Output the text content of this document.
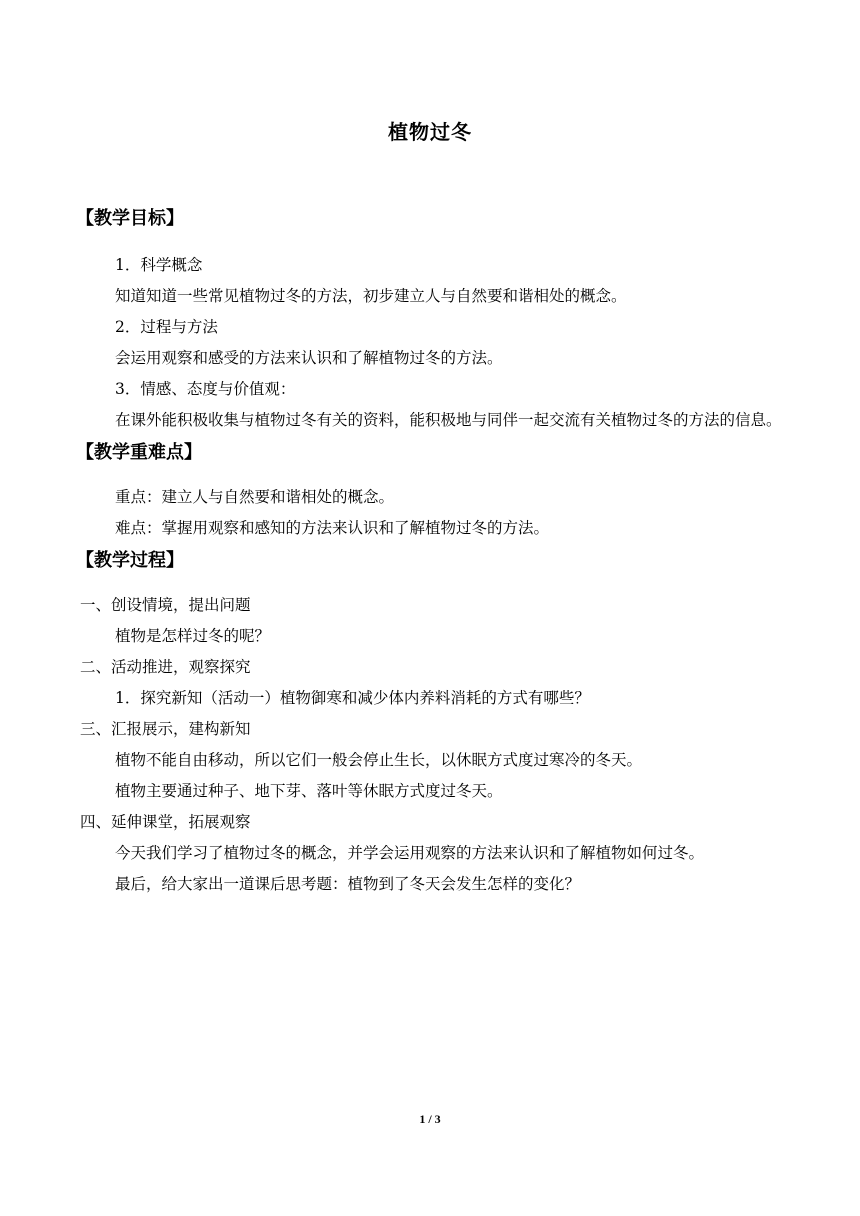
植物过冬
【教学目标】
1．科学概念
知道知道一些常见植物过冬的方法，初步建立人与自然要和谐相处的概念。
2．过程与方法
会运用观察和感受的方法来认识和了解植物过冬的方法。
3．情感、态度与价值观：
在课外能积极收集与植物过冬有关的资料，能积极地与同伴一起交流有关植物过冬的方法的信息。
【教学重难点】
重点：建立人与自然要和谐相处的概念。
难点：掌握用观察和感知的方法来认识和了解植物过冬的方法。
【教学过程】
一、创设情境，提出问题
植物是怎样过冬的呢？
二、活动推进，观察探究
1．探究新知（活动一）植物御寒和减少体内养料消耗的方式有哪些？
三、汇报展示，建构新知
植物不能自由移动，所以它们一般会停止生长，以休眠方式度过寒冷的冬天。
植物主要通过种子、地下芽、落叶等休眠方式度过冬天。
四、延伸课堂，拓展观察
今天我们学习了植物过冬的概念，并学会运用观察的方法来认识和了解植物如何过冬。
最后，给大家出一道课后思考题：植物到了冬天会发生怎样的变化？
1 / 3
